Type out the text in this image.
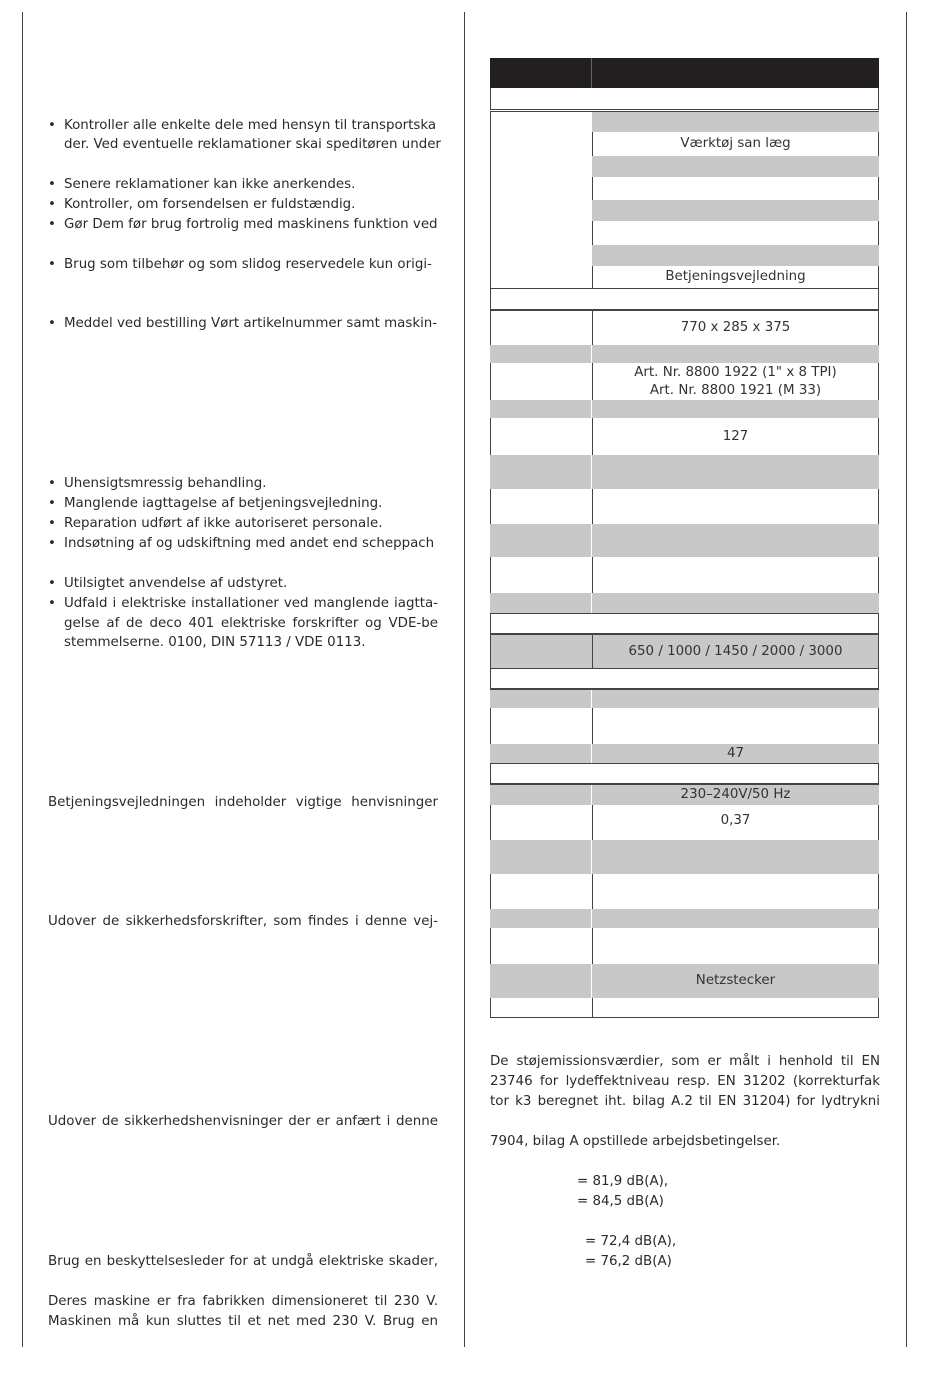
• Kontroller alle enkelte dele med hensyn til transportska
der. Ved eventuelle reklamationer skai speditøren under
• Senere reklamationer kan ikke anerkendes.
• Kontroller, om forsendelsen er fuldstændig.
• Gør Dem før brug fortrolig med maskinens funktion ved
• Brug som tilbehør og som slidog reservedele kun origi-
• Meddel ved bestilling Vørt artikelnummer samt maskin-
• Uhensigtsmressig behandling.
• Manglende iagttagelse af betjeningsvejledning.
• Reparation udført af ikke autoriseret personale.
• Indsøtning af og udskiftning med andet end scheppach
• Utilsigtet anvendelse af udstyret.
• Udfald i elektriske installationer ved manglende iagtta-
gelse af de deco 401 elektriske forskrifter og VDE-be
stemmelserne. 0100, DIN 57113 / VDE 0113.
Betjeningsvejledningen indeholder vigtige henvisninger
Udover de sikkerhedsforskrifter, som findes i denne vej-
Udover de sikkerhedshenvisninger der er anfært i denne
Brug en beskyttelsesleder for at undgå elektriske skader,
Deres maskine er fra fabrikken dimensioneret til 230 V.
Maskinen må kun sluttes til et net med 230 V. Brug en
Værktøj san læg
Betjeningsvejledning
770 x 285 x 375
Art. Nr. 8800 1922 (1" x 8 TPI)
Art. Nr. 8800 1921 (M 33)
127
650 / 1000 / 1450 / 2000 / 3000
47
230–240V/50 Hz
0,37
Netzstecker
De støjemissionsværdier, som er målt i henhold til EN
23746 for lydeffektniveau resp. EN 31202 (korrekturfak
tor k3 beregnet iht. bilag A.2 til EN 31204) for lydtrykni
7904, bilag A opstillede arbejdsbetingelser.
= 81,9 dB(A),
= 84,5 dB(A)
= 72,4 dB(A),
= 76,2 dB(A)
